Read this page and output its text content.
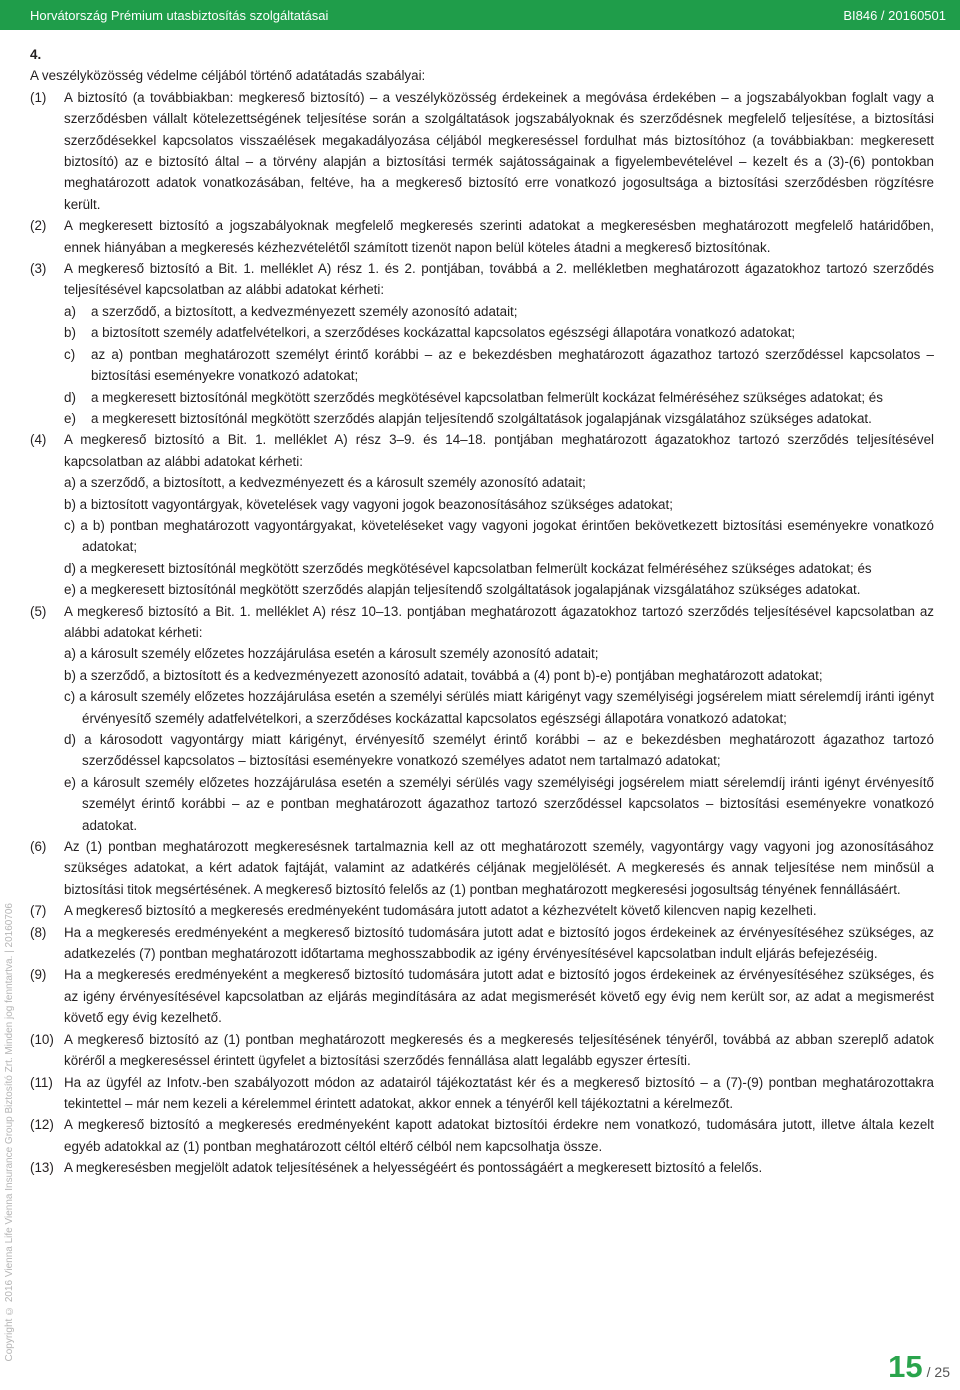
Horvátország Prémium utasbiztosítás szolgáltatásai	BI846 / 20160501

4.

A veszélyközösség védelme céljából történő adatátadás szabályai:

(1)	A biztosító (a továbbiakban: megkereső biztosító) – a veszélyközösség érdekeinek a megóvása érdekében – a jogszabályokban foglalt vagy a szerződésben vállalt kötelezettségének teljesítése során a szolgáltatások jogszabályoknak és szerződésnek megfelelő teljesítése, a biztosítási szerződésekkel kapcsolatos visszaélések megakadályozása céljából megkereséssel fordulhat más biztosítóhoz (a továbbiakban: megkeresett biztosító) az e biztosító által – a törvény alapján a biztosítási termék sajátosságainak a figyelembevételével – kezelt és a (3)-(6) pontokban meghatározott adatok vonatkozásában, feltéve, ha a megkereső biztosító erre vonatkozó jogosultsága a biztosítási szerződésben rögzítésre került.

(2)	A megkeresett biztosító a jogszabályoknak megfelelő megkeresés szerinti adatokat a megkeresésben meghatározott megfelelő határidőben, ennek hiányában a megkeresés kézhezvételétől számított tizenöt napon belül köteles átadni a megkereső biztosítónak.

(3)	A megkereső biztosító a Bit. 1. melléklet A) rész 1. és 2. pontjában, továbbá a 2. mellékletben meghatározott ágazatokhoz tartozó szerződés teljesítésével kapcsolatban az alábbi adatokat kérheti:

a)	a szerződő, a biztosított, a kedvezményezett személy azonosító adatait;
b)	a biztosított személy adatfelvételkori, a szerződéses kockázattal kapcsolatos egészségi állapotára vonatkozó adatokat;
c)	az a) pontban meghatározott személyt érintő korábbi – az e bekezdésben meghatározott ágazathoz tartozó szerződéssel kapcsolatos – biztosítási eseményekre vonatkozó adatokat;
d)	a megkeresett biztosítónál megkötött szerződés megkötésével kapcsolatban felmerült kockázat felméréséhez szükséges adatokat; és
e)	a megkeresett biztosítónál megkötött szerződés alapján teljesítendő szolgáltatások jogalapjának vizsgálatához szükséges adatokat.
(4)	A megkereső biztosító a Bit. 1. melléklet A) rész 3–9. és 14–18. pontjában meghatározott ágazatokhoz tartozó szerződés teljesítésével kapcsolatban az alábbi adatokat kérheti:

a) a szerződő, a biztosított, a kedvezményezett és a károsult személy azonosító adatait;
b) a biztosított vagyontárgyak, követelések vagy vagyoni jogok beazonosításához szükséges adatokat;
c) a b) pontban meghatározott vagyontárgyakat, követeléseket vagy vagyoni jogokat érintően bekövetkezett biztosítási eseményekre vonatkozó adatokat;
d) a megkeresett biztosítónál megkötött szerződés megkötésével kapcsolatban felmerült kockázat felméréséhez szükséges adatokat; és
e) a megkeresett biztosítónál megkötött szerződés alapján teljesítendő szolgáltatások jogalapjának vizsgálatához szükséges adatokat.
(5)	A megkereső biztosító a Bit. 1. melléklet A) rész 10–13. pontjában meghatározott ágazatokhoz tartozó szerződés teljesítésével kapcsolatban az alábbi adatokat kérheti:

a) a károsult személy előzetes hozzájárulása esetén a károsult személy azonosító adatait;
b) a szerződő, a biztosított és a kedvezményezett azonosító adatait, továbbá a (4) pont b)-e) pontjában meghatározott adatokat;
c) a károsult személy előzetes hozzájárulása esetén a személyi sérülés miatt kárigényt vagy személyiségi jogsérelem miatt sérelemdíj iránti igényt érvényesítő személy adatfelvételkori, a szerződéses kockázattal kapcsolatos egészségi állapotára vonatkozó adatokat;
d) a károsodott vagyontárgy miatt kárigényt, érvényesítő személyt érintő korábbi – az e bekezdésben meghatározott ágazathoz tartozó szerződéssel kapcsolatos – biztosítási eseményekre vonatkozó személyes adatot nem tartalmazó adatokat;
e) a károsult személy előzetes hozzájárulása esetén a személyi sérülés vagy személyiségi jogsérelem miatt sérelemdíj iránti igényt érvényesítő személyt érintő korábbi – az e pontban meghatározott ágazathoz tartozó szerződéssel kapcsolatos – biztosítási eseményekre vonatkozó adatokat.
(6)	Az (1) pontban meghatározott megkeresésnek tartalmaznia kell az ott meghatározott személy, vagyontárgy vagy vagyoni jog azonosításához szükséges adatokat, a kért adatok fajtáját, valamint az adatkérés céljának megjelölését. A megkeresés és annak teljesítése nem minősül a biztosítási titok megsértésének. A megkereső biztosító felelős az (1) pontban meghatározott megkeresési jogosultság tényének fennállásáért.

(7)	A megkereső biztosító a megkeresés eredményeként tudomására jutott adatot a kézhezvételt követő kilencven napig kezelheti.

(8)	Ha a megkeresés eredményeként a megkereső biztosító tudomására jutott adat e biztosító jogos érdekeinek az érvényesítéséhez szükséges, az adatkezelés (7) pontban meghatározott időtartama meghosszabbodik az igény érvényesítésével kapcsolatban indult eljárás befejezéséig.

(9)	Ha a megkeresés eredményeként a megkereső biztosító tudomására jutott adat e biztosító jogos érdekeinek az érvényesítéséhez szükséges, és az igény érvényesítésével kapcsolatban az eljárás megindítására az adat megismerését követő egy évig nem került sor, az adat a megismerést követő egy évig kezelhető.

(10) A megkereső biztosító az (1) pontban meghatározott megkeresés és a megkeresés teljesítésének tényéről, továbbá az abban szereplő adatok köréről a megkereséssel érintett ügyfelet a biztosítási szerződés fennállása alatt legalább egyszer értesíti.

(11) Ha az ügyfél az Infotv.-ben szabályozott módon az adatairól tájékoztatást kér és a megkereső biztosító – a (7)-(9) pontban meghatározottakra tekintettel – már nem kezeli a kérelemmel érintett adatokat, akkor ennek a tényéről kell tájékoztatni a kérelmezőt.

(12) A megkereső biztosító a megkeresés eredményeként kapott adatokat biztosítói érdekre nem vonatkozó, tudomására jutott, illetve általa kezelt egyéb adatokkal az (1) pontban meghatározott céltól eltérő célból nem kapcsolhatja össze.

(13) A megkeresésben megjelölt adatok teljesítésének a helyességéért és pontosságáért a megkeresett biztosító a felelős.

Copyright © 2016 Vienna Life Vienna Insurance Group Biztosító Zrt. Minden jog fenntartva. | 20160706
15 / 25
